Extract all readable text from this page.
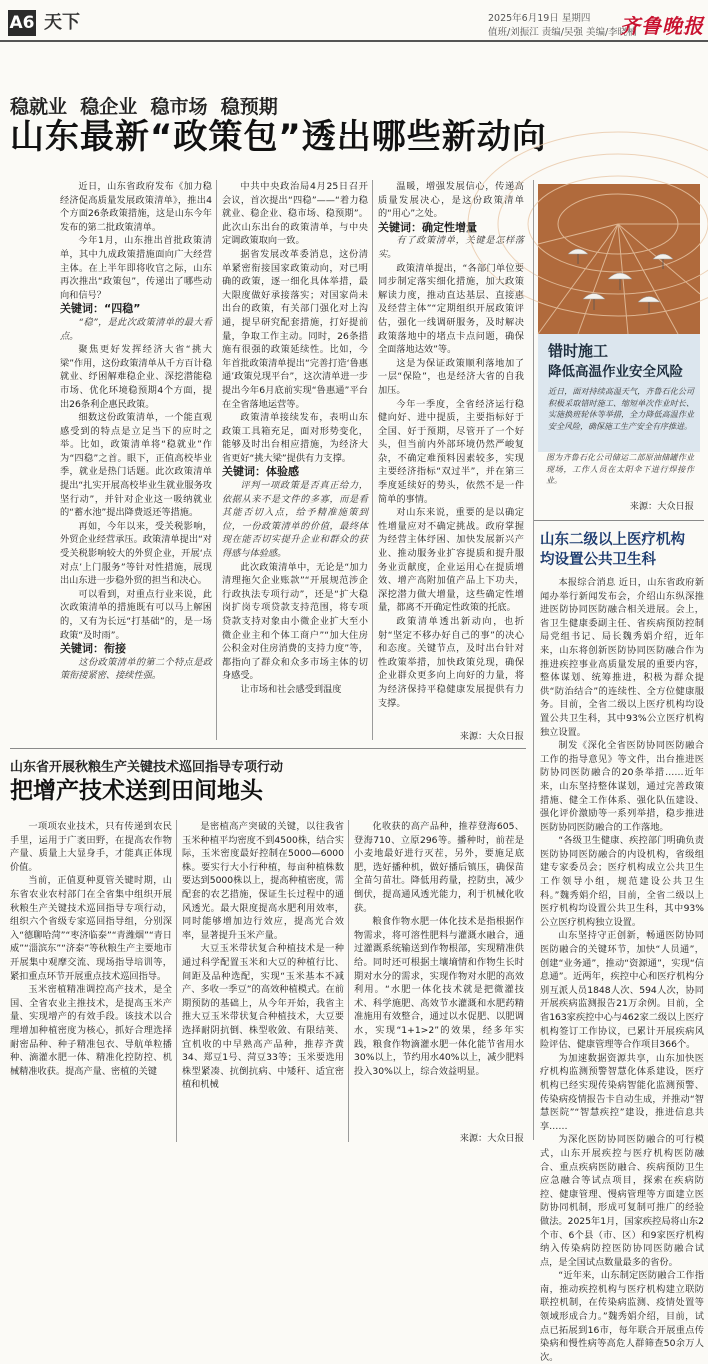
A6 天下	2025年6月19日 星期四
值班/刘振江 责编/吴强 美编/李晓楠
齐鲁晚报
稳就业  稳企业  稳市场  稳预期
山东最新“政策包”透出哪些新动向

近日，山东省政府发布《加力稳经济促高质量发展政策清单》，推出4个方面26条政策措施，这是山东今年发布的第二批政策清单。

今年1月，山东推出首批政策清单，其中九成政策措施面向广大经营主体。在上半年即将收官之际，山东再次推出“政策包”，传递出了哪些动向和信号？

关键词：“四稳”

“稳”，是此次政策清单的最大看点。

聚焦更好发挥经济大省“挑大梁”作用，这份政策清单从千方百计稳就业、纾困解难稳企业、深挖潜能稳市场、优化环境稳预期4个方面，提出26条利企惠民政策。

细数这份政策清单，一个能直观感受到的特点是立足当下的应时之举。比如，政策清单将“稳就业”作为“四稳”之首。眼下，正值高校毕业季，就业是热门话题。此次政策清单提出“扎实开展高校毕业生就业服务攻坚行动”，并针对企业这一吸纳就业的“蓄水池”提出降费返还等措施。

再如，今年以来，受关税影响，外贸企业经营承压。政策清单提出“对受关税影响较大的外贸企业，开展‘点对点’上门服务”等针对性措施，展现出山东进一步稳外贸的担当和决心。

可以看到，对重点行业来说，此次政策清单的措施既有可以马上解困的，又有为长远“打基础”的，是一场政策“及时雨”。

关键词：衔接

这份政策清单的第二个特点是政策衔接紧密、接续性强。

中共中央政治局4月25日召开会议，首次提出“四稳”——“着力稳就业、稳企业、稳市场、稳预期”。此次山东出台的政策清单，与中央定调政策取向一致。

据省发展改革委消息，这份清单紧密衔接国家政策动向，对已明确的政策，逐一细化具体举措，最大限度做好承接落实；对国家尚未出台的政策，有关部门强化对上沟通，提早研究配套措施，打好提前量，争取工作主动。同时，26条措施有很强的政策延续性。比如，今年首批政策清单提出“完善打造‘鲁惠通’政策兑现平台”，这次清单进一步提出今年6月底前实现“鲁惠通”平台在全省落地运营等。

政策清单接续发布，表明山东政策工具箱充足，面对形势变化，能够及时出台相应措施，为经济大省更好“挑大梁”提供有力支撑。

关键词：体验感

评判一项政策是否真正给力，依据从来不是文件的多寡，而是看其能否切入点，给予精准施策到位，一份政策清单的价值，最终体现在能否切实提升企业和群众的获得感与体验感。

此次政策清单中，无论是“加力清理拖欠企业账款”“开展规范涉企行政执法专项行动”，还是“扩大稳岗扩岗专项贷款支持范围，将专项贷款支持对象由小微企业扩大至小微企业主和个体工商户”“加大住房公积金对住房消费的支持力度”等，都指向了群众和众多市场主体的切身感受。

让市场和社会感受到温度

温暖，增强发展信心，传递高质量发展决心，是这份政策清单的“用心”之处。

关键词：确定性增量

有了政策清单，关键是怎样落实。

政策清单提出，“各部门单位要同步制定落实细化措施，加大政策解读力度，推动直达基层、直接惠及经营主体”“定期组织开展政策评估，强化一线调研服务，及时解决政策落地中的堵点卡点问题，确保全面落地达效”等。

这是为保证政策顺利落地加了一层“保险”，也是经济大省的自我加压。

今年一季度，全省经济运行稳健向好、进中提质，主要指标好于全国、好于预期，尽管开了一个好头，但当前内外部环境仍然严峻复杂，不确定难预料因素较多，实现主要经济指标“双过半”，并在第三季度延续好的势头，依然不是一件简单的事情。

对山东来说，重要的是以确定性增量应对不确定挑战。政府掌握为经营主体纾困、加快发展新兴产业、推动服务业扩容提质和提升服务业贡献度，企业运用心在提质增效、增产高附加值产品上下功夫，深挖潜力做大增量，这些确定性增量，都离不开确定性政策的托底。

政策清单透出新动向，也折射“坚定不移办好自己的事”的决心和态度。关键节点，及时出台针对性政策举措，加快政策兑现，确保企业群众更多向上向好的力量，将为经济保持平稳健康发展提供有力支撑。

来源：大众日报
错时施工
降低高温作业安全风险
近日，面对持续高温天气，齐鲁石化公司积极采取错时施工、缩短单次作业时长、实施换班轮休等举措，全力降低高温作业安全风险，确保施工生产安全有序推进。
图为齐鲁石化公司储运二部原油储罐作业现场，工作人员在太阳伞下进行焊接作业。
来源：大众日报
山东二级以上医疗机构
均设置公共卫生科

本报综合消息 近日，山东省政府新闻办举行新闻发布会，介绍山东纵深推进医防协同医防融合相关进展。会上，省卫生健康委副主任、省疾病预防控制局党组书记、局长魏秀娟介绍，近年来，山东将创新医防协同医防融合作为推进疾控事业高质量发展的重要内容，整体谋划、统筹推进，积极为群众提供“防治结合”的连续性、全方位健康服务。目前，全省二级以上医疗机构均设置公共卫生科，其中93%公立医疗机构独立设置。

制发《深化全省医防协同医防融合工作的指导意见》等文件，出台推进医防协同医防融合的20条举措……近年来，山东坚持整体谋划，通过完善政策措施、健全工作体系、强化队伍建设、强化评价激励等一系列举措，稳步推进医防协同医防融合的工作落地。

“各级卫生健康、疾控部门明确负责医防协同医防融合的内设机构，省级组建专家委员会；医疗机构成立公共卫生工作领导小组，规范建设公共卫生科。”魏秀娟介绍，目前，全省二级以上医疗机构均设置公共卫生科，其中93%公立医疗机构独立设置。

山东坚持守正创新，畅通医防协同医防融合的关键环节，加快“人员通”，创建“业务通”，推动“资源通”，实现“信息通”。近两年，疾控中心和医疗机构分别互派人员1848人次、594人次，协同开展疾病监测报告21万余例。目前，全省163家疾控中心与462家二级以上医疗机构签订工作协议，已累计开展疾病风险评估、健康管理等合作项目366个。

为加速数据资源共享，山东加快医疗机构监测预警智慧化体系建设，医疗机构已经实现传染病智能化监测预警、传染病疫情报告卡自动生成，并推动“智慧医院”“智慧疾控”建设，推进信息共享……

为深化医防协同医防融合的可行模式，山东开展疾控与医疗机构医防融合、重点疾病医防融合、疾病预防卫生应急融合等试点项目，探索在疾病防控、健康管理、慢病管理等方面建立医防协同机制，形成可复制可推广的经验做法。2025年1月，国家疾控局将山东2个市、6个县（市、区）和9家医疗机构纳入传染病防控医防协同医防融合试点，是全国试点数量最多的省份。

“近年来，山东制定医防融合工作指南，推动疾控机构与医疗机构建立联防联控机制，在传染病监测、疫情处置等领域形成合力。”魏秀娟介绍，目前，试点已拓展到16市，每年联合开展重点传染病和慢性病等高危人群筛查50余万人次。

山东省开展秋粮生产关键技术巡回指导专项行动
把增产技术送到田间地头

一项项农业技术，只有传递到农民手里，运用于广袤田野，在提高农作物产量、质量上大显身手，才能真正体现价值。

当前，正值夏种夏管关键时期，山东省农业农村部门在全省集中组织开展秋粮生产关键技术巡回指导专项行动，组织六个省级专家巡回指导组，分别深入“德聊哈菏”“枣济临泰”“青潍烟”“青日威”“淄滨东”“济泰”等秋粮生产主要地市开展集中观摩交流、现场指导培训等，紧扣重点环节开展重点技术巡回指导。

玉米密植精准调控高产技术，是全国、全省农业主推技术，是提高玉米产量、实现增产的有效手段。该技术以合理增加种植密度为核心，抓好合理选择耐密品种、种子精准包衣、导航单粒播种、滴灌水肥一体、精准化控防控、机械精准收获。提高产量、密植的关键

是密植高产突破的关键，以往我省玉米种植平均密度不到4500株，结合实际，玉米密度最好控制在5000—6000株。要实行大小行种植，每亩种植株数要达到5000株以上，提高种植密度，需配套的农艺措施，保证生长过程中的通风透光。最大限度提高水肥利用效率，同时能够增加边行效应，提高光合效率，显著提升玉米产量。

大豆玉米带状复合种植技术是一种通过科学配置玉米和大豆的种植行比、间距及品种选配，实现“玉米基本不减产、多收一季豆”的高效种植模式。在前期预防的基础上，从今年开始，我省主推大豆玉米带状复合种植技术，大豆要选择耐阴抗倒、株型收敛、有限结荚、宜机收的中早熟高产品种，推荐齐黄34、郑豆1号、菏豆33等；玉米要选用株型紧凑、抗倒抗病、中矮秆、适宜密植和机械

化收获的高产品种，推荐登海605、登海710、立原296等。播种时，前茬是小麦地最好进行灭茬，另外，要施足底肥，选好播种机，做好播后镇压，确保苗全苗匀苗壮。降低用药量，控防虫，减少倒伏，提高通风透光能力，利于机械化收获。

粮食作物水肥一体化技术是指根据作物需求，将可溶性肥料与灌溉水融合，通过灌溉系统输送到作物根部，实现精准供给。同时还可根据土壤墒情和作物生长时期对水分的需求，实现作物对水肥的高效利用。“水肥一体化技术就是把微灌技术、科学施肥、高效节水灌溉和水肥药精准施用有效整合，通过以水促肥、以肥调水，实现“1+1>2”的效果，经多年实践，粮食作物滴灌水肥一体化能节省用水30%以上，节约用水40%以上，减少肥料投入30%以上，综合效益明显。

来源：大众日报
